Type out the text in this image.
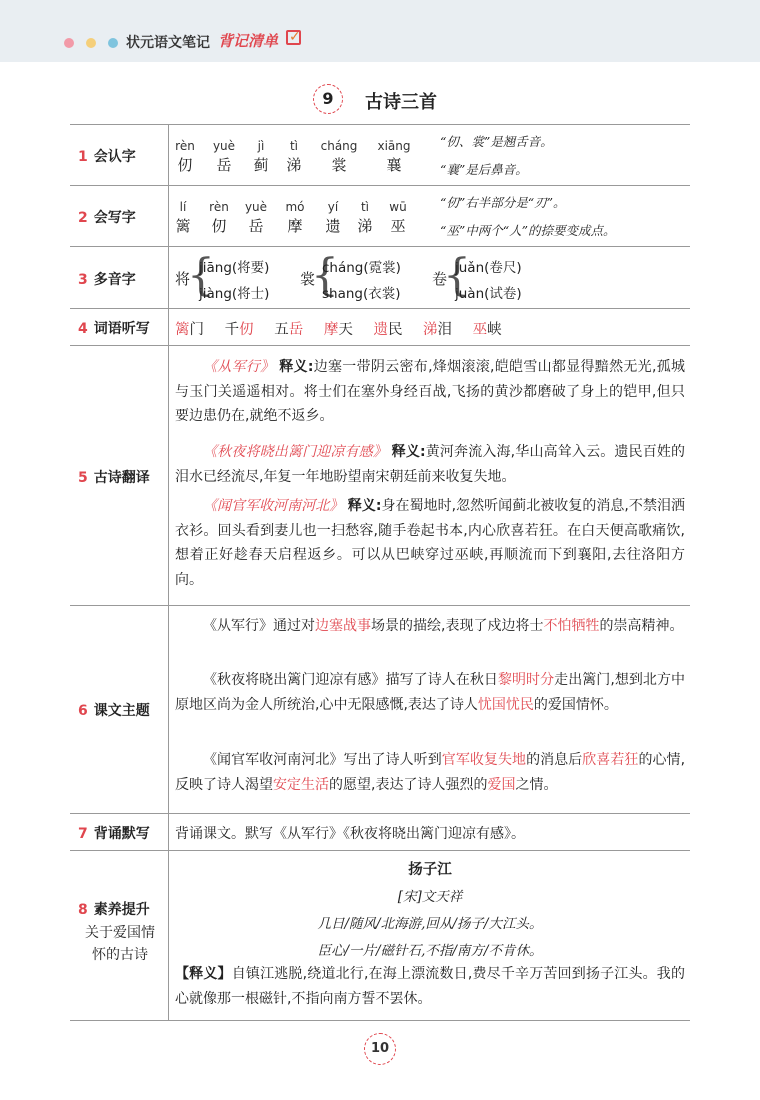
状元语文笔记 背记清单 ✓
9	古诗三首
1 会认字
2 会写字
3 多音字
4 词语听写
5 古诗翻译
6 课文主题
7 背诵默写
8 素养提升
关于爱国情
怀的古诗
rèn
仞
yuè
岳
jì
蓟
tì
涕
cháng
裳
xiāng
襄
“仞、裳”是翘舌音。
“襄”是后鼻音。
lí
篱
rèn
仞
yuè
岳
mó
摩
yí
遗
tì
涕
wū
巫
“仞”右半部分是“刃”。
“巫”中两个“人”的捺要变成点。
将
{
jiāng(将要)
jiàng(将士)
裳
{
cháng(霓裳)
shang(衣裳)
卷
{
juǎn(卷尺)
juàn(试卷)
篱门 千仞 五岳 摩天 遗民 涕泪 巫峡
《从军行》 释义:边塞一带阴云密布,烽烟滚滚,皑皑雪山都显得黯然无光,孤城与玉门关遥遥相对。将士们在塞外身经百战,飞扬的黄沙都磨破了身上的铠甲,但只要边患仍在,就绝不返乡。
《秋夜将晓出篱门迎凉有感》 释义:黄河奔流入海,华山高耸入云。遗民百姓的泪水已经流尽,年复一年地盼望南宋朝廷前来收复失地。
《闻官军收河南河北》 释义:身在蜀地时,忽然听闻蓟北被收复的消息,不禁泪洒衣衫。回头看到妻儿也一扫愁容,随手卷起书本,内心欣喜若狂。在白天便高歌痛饮,想着正好趁春天启程返乡。可以从巴峡穿过巫峡,再顺流而下到襄阳,去往洛阳方向。
《从军行》通过对边塞战事场景的描绘,表现了戍边将士不怕牺牲的崇高精神。
《秋夜将晓出篱门迎凉有感》描写了诗人在秋日黎明时分走出篱门,想到北方中原地区尚为金人所统治,心中无限感慨,表达了诗人忧国忧民的爱国情怀。
《闻官军收河南河北》写出了诗人听到官军收复失地的消息后欣喜若狂的心情,反映了诗人渴望安定生活的愿望,表达了诗人强烈的爱国之情。
背诵课文。默写《从军行》《秋夜将晓出篱门迎凉有感》。
扬子江
[宋]文天祥
几日/随风/北海游,回从/扬子/大江头。
臣心/一片/磁针石,不指/南方/不肯休。
【释义】自镇江逃脱,绕道北行,在海上漂流数日,费尽千辛万苦回到扬子江头。我的心就像那一根磁针,不指向南方誓不罢休。
10
